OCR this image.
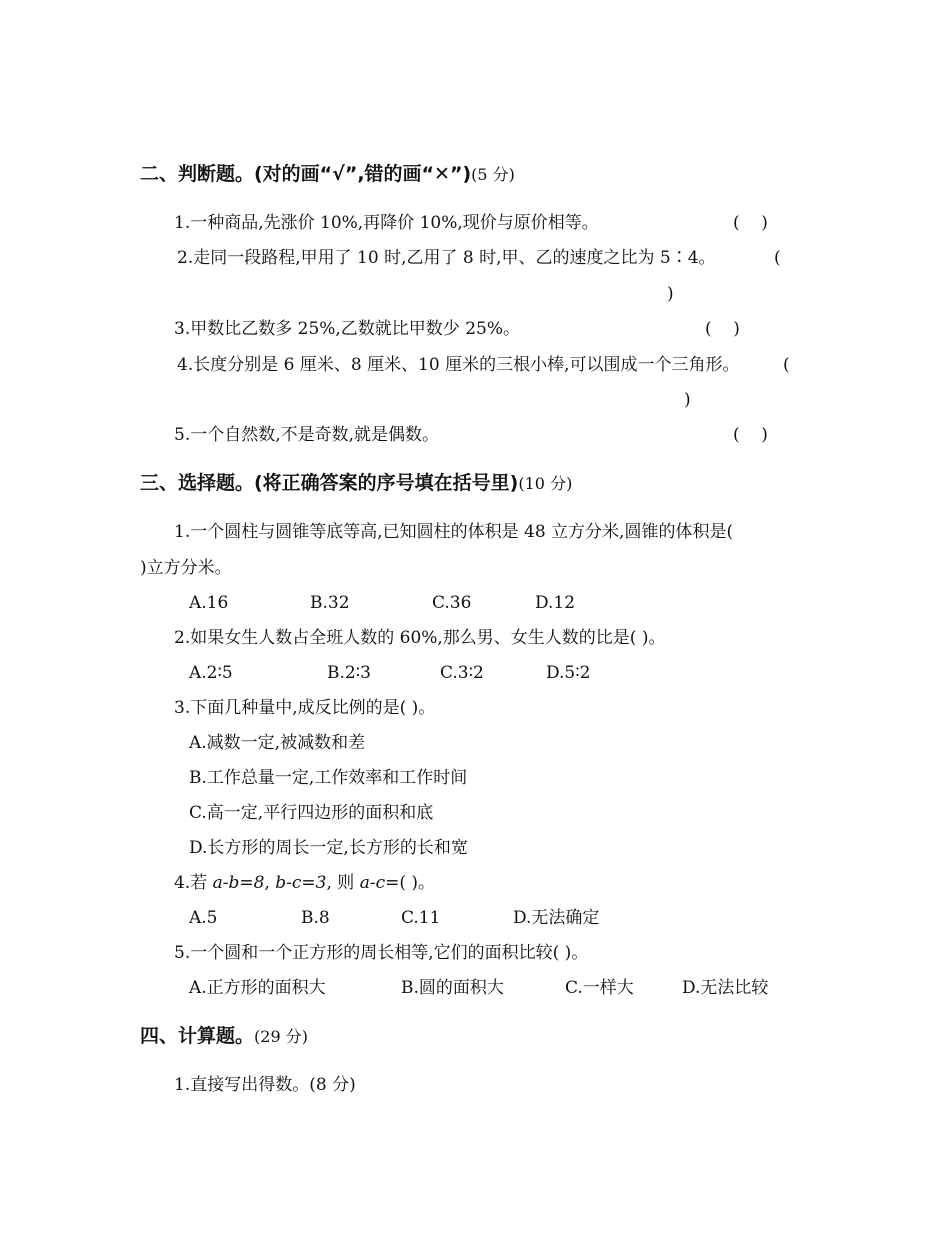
二、判断题。(对的画“√”,错的画“✕”)(5 分)
1.一种商品,先涨价 10%,再降价 10%,现价与原价相等。	(    )
2.走同一段路程,甲用了 10 时,乙用了 8 时,甲、乙的速度之比为 5∶4。	(
)
3.甲数比乙数多 25%,乙数就比甲数少 25%。	(    )
4.长度分别是 6 厘米、8 厘米、10 厘米的三根小棒,可以围成一个三角形。	(
)
5.一个自然数,不是奇数,就是偶数。	(    )
三、选择题。(将正确答案的序号填在括号里)(10 分)
1.一个圆柱与圆锥等底等高,已知圆柱的体积是 48 立方分米,圆锥的体积是(
)立方分米。
A.16	B.32	C.36	D.12
2.如果女生人数占全班人数的 60%,那么男、女生人数的比是( )。
A.2∶5	B.2∶3	C.3∶2	D.5∶2
3.下面几种量中,成反比例的是( )。
A.减数一定,被减数和差
B.工作总量一定,工作效率和工作时间
C.高一定,平行四边形的面积和底
D.长方形的周长一定,长方形的长和宽
4.若 a-b=8, b-c=3, 则 a-c=( )。
A.5	B.8	C.11	D.无法确定
5.一个圆和一个正方形的周长相等,它们的面积比较( )。
A.正方形的面积大	B.圆的面积大	C.一样大	D.无法比较
四、计算题。(29 分)
1.直接写出得数。(8 分)
